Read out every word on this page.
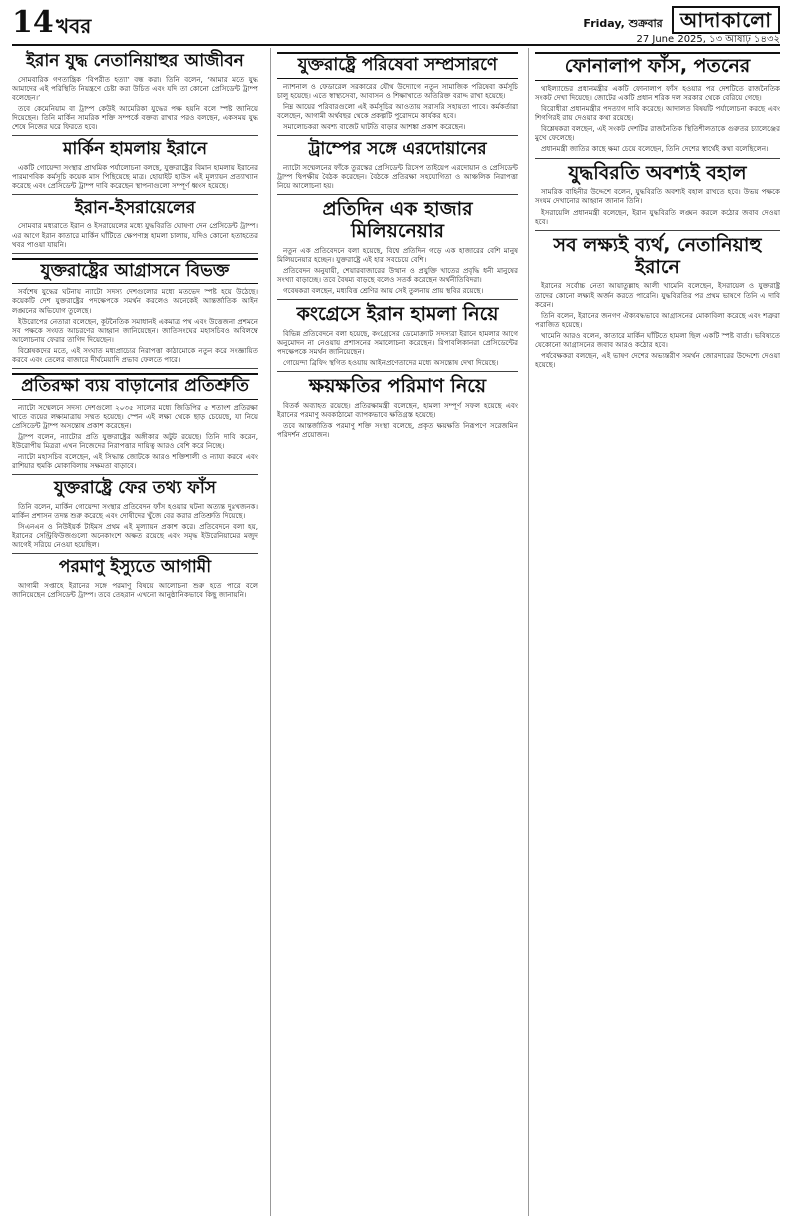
14 খবর	Friday, শুক্রবার আদাকালো
27 June 2025, ১৩ আষাঢ় ১৪৩২
ইরান যুদ্ধ নেতানিয়াহুর আজীবন

সোমবারিক গণতান্ত্রিক ‘বিপরীত হত্যা’ বন্ধ করা। তিনি বলেন, ‘আমার মতে যুদ্ধ আমাদের এই পরিস্থিতি নিয়ন্ত্রণে চেষ্টা করা উচিত এবং যদি তা কোনো প্রেসিডেন্ট ট্রাম্প বলেছেন।’

তবে কেমেনিয়াম বা ট্রাম্প কেউই আমেরিকা যুদ্ধের পক্ষ হয়নি বলে স্পষ্ট জানিয়ে দিয়েছেন। তিনি মার্কিন সামরিক শক্তি সম্পর্কে বক্তব্য রাখার পরও বলছেন, একসময় যুদ্ধ শেষে নিজের ঘরে ফিরতে হবে।

মার্কিন হামলায় ইরানে

একটি গোয়েন্দা সংস্থার প্রাথমিক পর্যালোচনা বলছে, যুক্তরাষ্ট্রের বিমান হামলায় ইরানের পারমাণবিক কর্মসূচি কয়েক মাস পিছিয়েছে মাত্র। হোয়াইট হাউস এই মূল্যায়ন প্রত্যাখ্যান করেছে এবং প্রেসিডেন্ট ট্রাম্প দাবি করেছেন স্থাপনাগুলো সম্পূর্ণ ধ্বংস হয়েছে।

ইরান-ইসরায়েলের

সোমবার মধ্যরাতে ইরান ও ইসরায়েলের মধ্যে যুদ্ধবিরতি ঘোষণা দেন প্রেসিডেন্ট ট্রাম্প। এর আগে ইরান কাতারে মার্কিন ঘাঁটিতে ক্ষেপণাস্ত্র হামলা চালায়, যদিও কোনো হতাহতের খবর পাওয়া যায়নি।

যুক্তরাষ্ট্রের আগ্রাসনে বিভক্ত

সর্বশেষ যুদ্ধের ঘটনায় ন্যাটো সদস্য দেশগুলোর মধ্যে মতভেদ স্পষ্ট হয়ে উঠেছে। কয়েকটি দেশ যুক্তরাষ্ট্রের পদক্ষেপকে সমর্থন করলেও অনেকেই আন্তর্জাতিক আইন লঙ্ঘনের অভিযোগ তুলেছে।

ইউরোপের নেতারা বলেছেন, কূটনৈতিক সমাধানই একমাত্র পথ এবং উত্তেজনা প্রশমনে সব পক্ষকে সংযত আচরণের আহ্বান জানিয়েছেন। জাতিসংঘের মহাসচিবও অবিলম্বে আলোচনায় ফেরার তাগিদ দিয়েছেন।

বিশ্লেষকদের মতে, এই সংঘাত মধ্যপ্রাচ্যের নিরাপত্তা কাঠামোকে নতুন করে সংজ্ঞায়িত করবে এবং তেলের বাজারে দীর্ঘমেয়াদি প্রভাব ফেলতে পারে।

প্রতিরক্ষা ব্যয় বাড়ানোর প্রতিশ্রুতি

ন্যাটো সম্মেলনে সদস্য দেশগুলো ২০৩৫ সালের মধ্যে জিডিপির ৫ শতাংশ প্রতিরক্ষা খাতে ব্যয়ের লক্ষ্যমাত্রায় সম্মত হয়েছে। স্পেন এই লক্ষ্য থেকে ছাড় চেয়েছে, যা নিয়ে প্রেসিডেন্ট ট্রাম্প অসন্তোষ প্রকাশ করেছেন।

ট্রাম্প বলেন, ন্যাটোর প্রতি যুক্তরাষ্ট্রের অঙ্গীকার অটুট রয়েছে। তিনি দাবি করেন, ইউরোপীয় মিত্ররা এখন নিজেদের নিরাপত্তার দায়িত্ব আরও বেশি করে নিচ্ছে।

ন্যাটো মহাসচিব বলেছেন, এই সিদ্ধান্ত জোটকে আরও শক্তিশালী ও ন্যায্য করবে এবং রাশিয়ার হুমকি মোকাবিলায় সক্ষমতা বাড়াবে।

যুক্তরাষ্ট্রে ফের তথ্য ফাঁস

তিনি বলেন, মার্কিন গোয়েন্দা সংস্থার প্রতিবেদন ফাঁস হওয়ার ঘটনা অত্যন্ত দুঃখজনক। মার্কিন প্রশাসন তদন্ত শুরু করেছে এবং দোষীদের খুঁজে বের করার প্রতিশ্রুতি দিয়েছে।

সিএনএন ও নিউইয়র্ক টাইমস প্রথম এই মূল্যায়ন প্রকাশ করে। প্রতিবেদনে বলা হয়, ইরানের সেন্ট্রিফিউজগুলো অনেকাংশে অক্ষত রয়েছে এবং সমৃদ্ধ ইউরেনিয়ামের মজুদ আগেই সরিয়ে নেওয়া হয়েছিল।

পরমাণু ইস্যুতে আগামী

আগামী সপ্তাহে ইরানের সঙ্গে পরমাণু বিষয়ে আলোচনা শুরু হতে পারে বলে জানিয়েছেন প্রেসিডেন্ট ট্রাম্প। তবে তেহরান এখনো আনুষ্ঠানিকভাবে কিছু জানায়নি।

যুক্তরাষ্ট্রে পরিষেবা সম্প্রসারণে

ন্যাশনাল ও ফেডারেল সরকারের যৌথ উদ্যোগে নতুন সামাজিক পরিষেবা কর্মসূচি চালু হয়েছে। এতে স্বাস্থ্যসেবা, আবাসন ও শিক্ষাখাতে অতিরিক্ত বরাদ্দ রাখা হয়েছে।

নিম্ন আয়ের পরিবারগুলো এই কর্মসূচির আওতায় সরাসরি সহায়তা পাবে। কর্মকর্তারা বলেছেন, আগামী অর্থবছর থেকে প্রকল্পটি পুরোদমে কার্যকর হবে।

সমালোচকরা অবশ্য বাজেট ঘাটতি বাড়ার আশঙ্কা প্রকাশ করেছেন।

ট্রাম্পের সঙ্গে এরদোয়ানের

ন্যাটো সম্মেলনের ফাঁকে তুরস্কের প্রেসিডেন্ট রিসেপ তাইয়েপ এরদোয়ান ও প্রেসিডেন্ট ট্রাম্প দ্বিপক্ষীয় বৈঠক করেছেন। বৈঠকে প্রতিরক্ষা সহযোগিতা ও আঞ্চলিক নিরাপত্তা নিয়ে আলোচনা হয়।

প্রতিদিন এক হাজার মিলিয়নেয়ার

নতুন এক প্রতিবেদনে বলা হয়েছে, বিশ্বে প্রতিদিন গড়ে এক হাজারের বেশি মানুষ মিলিয়নেয়ার হচ্ছেন। যুক্তরাষ্ট্রে এই হার সবচেয়ে বেশি।

প্রতিবেদন অনুযায়ী, শেয়ারবাজারের উত্থান ও প্রযুক্তি খাতের প্রবৃদ্ধি ধনী মানুষের সংখ্যা বাড়াচ্ছে। তবে বৈষম্য বাড়ছে বলেও সতর্ক করেছেন অর্থনীতিবিদরা।

গবেষকরা বলছেন, মধ্যবিত্ত শ্রেণির আয় সেই তুলনায় প্রায় স্থবির রয়েছে।

কংগ্রেসে ইরান হামলা নিয়ে

বিভিন্ন প্রতিবেদনে বলা হয়েছে, কংগ্রেসের ডেমোক্র্যাট সদস্যরা ইরানে হামলার আগে অনুমোদন না নেওয়ায় প্রশাসনের সমালোচনা করেছেন। রিপাবলিকানরা প্রেসিডেন্টের পদক্ষেপকে সমর্থন জানিয়েছেন।

গোয়েন্দা ব্রিফিং স্থগিত হওয়ায় আইনপ্রণেতাদের মধ্যে অসন্তোষ দেখা দিয়েছে।

ক্ষয়ক্ষতির পরিমাণ নিয়ে

বিতর্ক অব্যাহত রয়েছে। প্রতিরক্ষামন্ত্রী বলেছেন, হামলা সম্পূর্ণ সফল হয়েছে এবং ইরানের পরমাণু অবকাঠামো ব্যাপকভাবে ক্ষতিগ্রস্ত হয়েছে।

তবে আন্তর্জাতিক পরমাণু শক্তি সংস্থা বলেছে, প্রকৃত ক্ষয়ক্ষতি নিরূপণে সরেজমিন পরিদর্শন প্রয়োজন।

ফোনালাপ ফাঁস, পতনের

থাইল্যান্ডের প্রধানমন্ত্রীর একটি ফোনালাপ ফাঁস হওয়ার পর দেশটিতে রাজনৈতিক সংকট দেখা দিয়েছে। জোটের একটি প্রধান শরিক দল সরকার থেকে বেরিয়ে গেছে।

বিরোধীরা প্রধানমন্ত্রীর পদত্যাগ দাবি করেছে। আদালত বিষয়টি পর্যালোচনা করছে এবং শিগগিরই রায় দেওয়ার কথা রয়েছে।

বিশ্লেষকরা বলছেন, এই সংকট দেশটির রাজনৈতিক স্থিতিশীলতাকে গুরুতর চ্যালেঞ্জের মুখে ফেলেছে।

প্রধানমন্ত্রী জাতির কাছে ক্ষমা চেয়ে বলেছেন, তিনি দেশের স্বার্থেই কথা বলেছিলেন।

যুদ্ধবিরতি অবশ্যই বহাল

সামরিক বাহিনীর উদ্দেশে বলেন, যুদ্ধবিরতি অবশ্যই বহাল রাখতে হবে। উভয় পক্ষকে সংযম দেখানোর আহ্বান জানান তিনি।

ইসরায়েলি প্রধানমন্ত্রী বলেছেন, ইরান যুদ্ধবিরতি লঙ্ঘন করলে কঠোর জবাব দেওয়া হবে।

সব লক্ষ্যই ব্যর্থ, নেতানিয়াহু ইরানে

ইরানের সর্বোচ্চ নেতা আয়াতুল্লাহ আলী খামেনি বলেছেন, ইসরায়েল ও যুক্তরাষ্ট্র তাদের কোনো লক্ষ্যই অর্জন করতে পারেনি। যুদ্ধবিরতির পর প্রথম ভাষণে তিনি এ দাবি করেন।

তিনি বলেন, ইরানের জনগণ ঐক্যবদ্ধভাবে আগ্রাসনের মোকাবিলা করেছে এবং শত্রুরা পরাজিত হয়েছে।

খামেনি আরও বলেন, কাতারে মার্কিন ঘাঁটিতে হামলা ছিল একটি স্পষ্ট বার্তা। ভবিষ্যতে যেকোনো আগ্রাসনের জবাব আরও কঠোর হবে।

পর্যবেক্ষকরা বলছেন, এই ভাষণ দেশের অভ্যন্তরীণ সমর্থন জোরদারের উদ্দেশ্যে দেওয়া হয়েছে।
